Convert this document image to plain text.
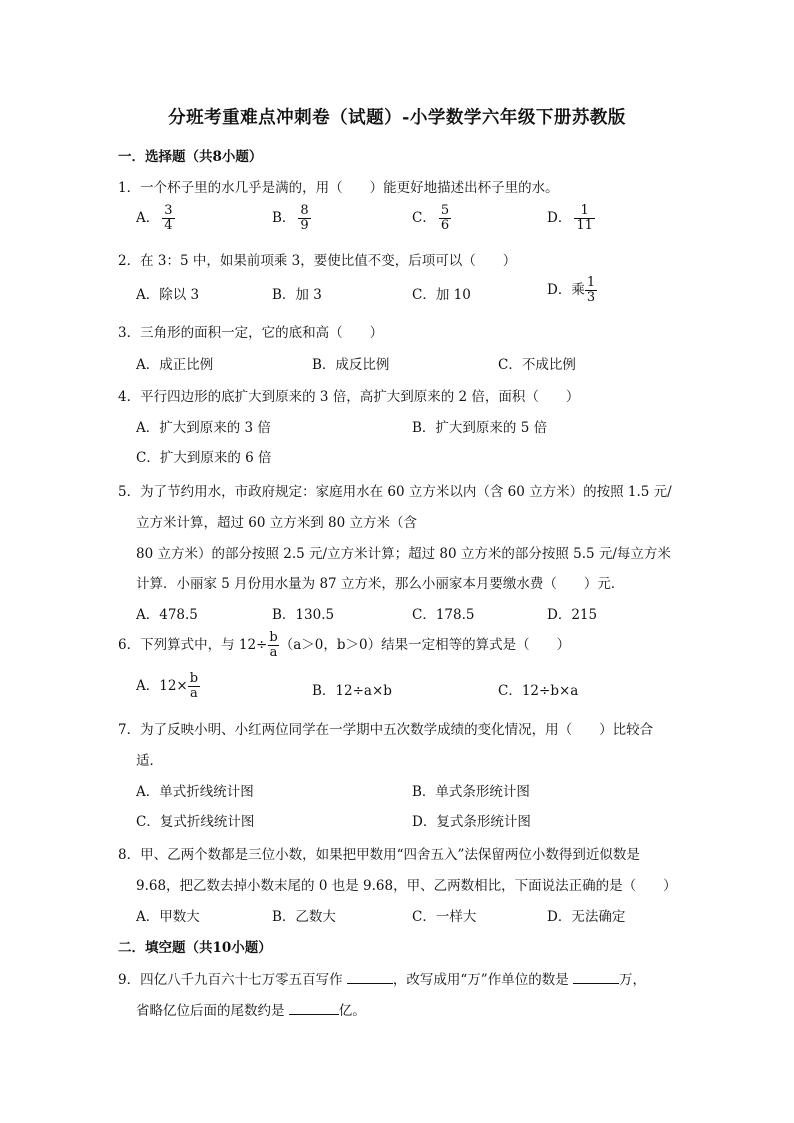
分班考重难点冲刺卷（试题）-小学数学六年级下册苏教版
一．选择题（共8小题）
1．一个杯子里的水几乎是满的，用（　　）能更好地描述出杯子里的水。
A． $\frac{3}{4}$	B． $\frac{8}{9}$	C． $\frac{5}{6}$	D． $\frac{1}{11}$
2．在 3：5 中，如果前项乘 3，要使比值不变，后项可以（　　）
A．除以 3	B．加 3	C．加 10	D．乘 $\frac{1}{3}$
3．三角形的面积一定，它的底和高（　　）
A．成正比例	B．成反比例	C．不成比例
4．平行四边形的底扩大到原来的 3 倍，高扩大到原来的 2 倍，面积（　　）
A．扩大到原来的 3 倍	B．扩大到原来的 5 倍
C．扩大到原来的 6 倍
5．为了节约用水，市政府规定：家庭用水在 60 立方米以内（含 60 立方米）的按照 1.5 元/
立方米计算，超过 60 立方米到 80 立方米（含
80 立方米）的部分按照 2.5 元/立方米计算；超过 80 立方米的部分按照 5.5 元/每立方米
计算．小丽家 5 月份用水量为 87 立方米，那么小丽家本月要缴水费（　　）元．
A．478.5	B．130.5	C．178.5	D．215
6．下列算式中，与 $12\div \frac{b}{a} (a>0$，b＞0）结果一定相等的算式是（　　）
A．$12\times \frac{b}{a}$	B．12÷a×b	C．12÷b×a
7．为了反映小明、小红两位同学在一学期中五次数学成绩的变化情况，用（　　）比较合
适．
A．单式折线统计图	B．单式条形统计图
C．复式折线统计图	D．复式条形统计图
8．甲、乙两个数都是三位小数，如果把甲数用“四舍五入”法保留两位小数得到近似数是
9.68，把乙数去掉小数末尾的 0 也是 9.68，甲、乙两数相比，下面说法正确的是（　　）
A．甲数大	B．乙数大	C．一样大	D．无法确定
二．填空题（共10小题）
9．四亿八千九百六十七万零五百写作	，改写成用“万”作单位的数是	万，
省略亿位后面的尾数约是	亿。
